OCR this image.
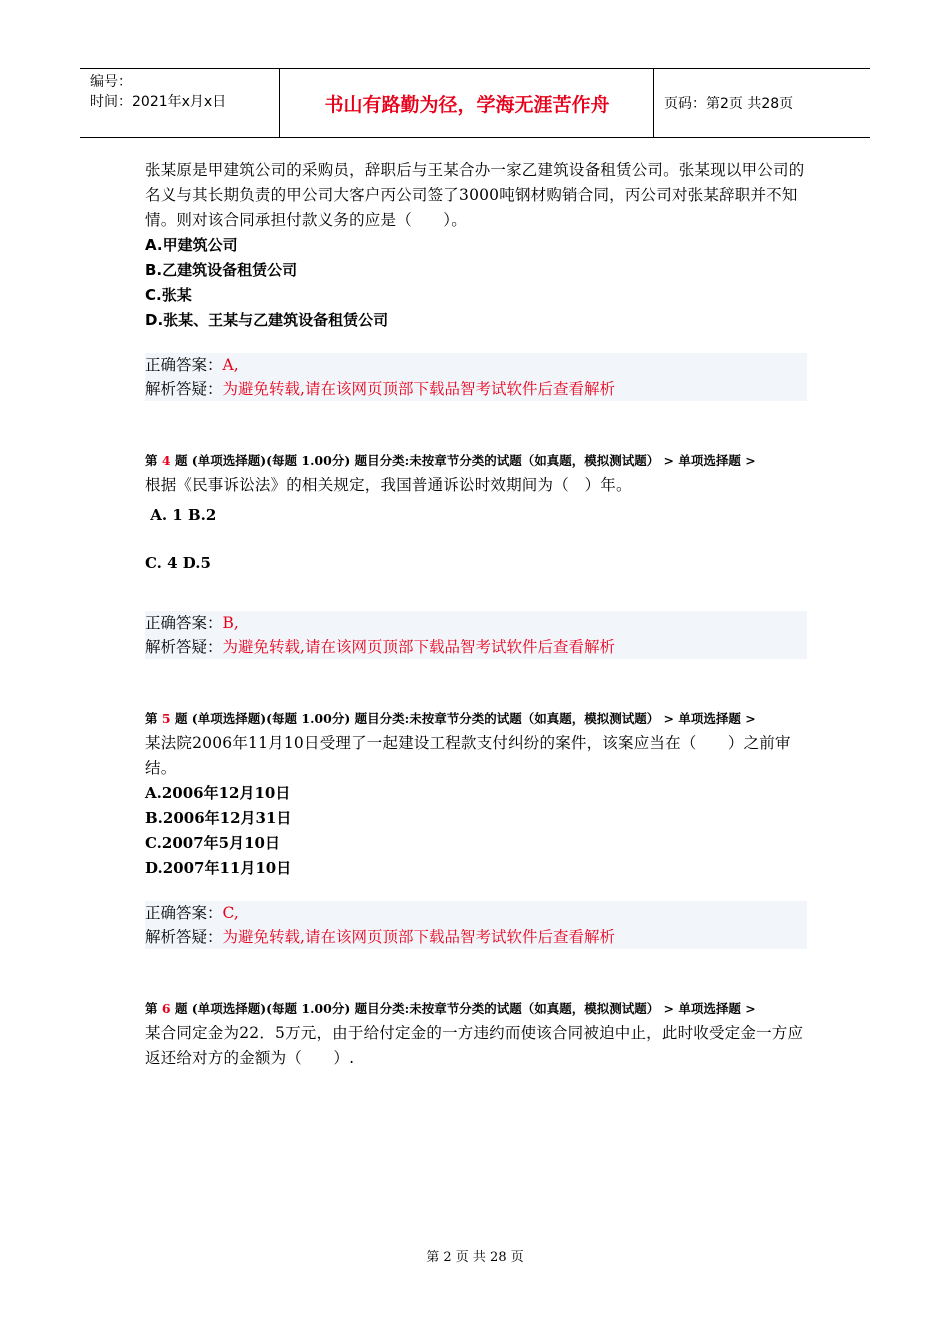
编号：
时间：2021年x月x日	书山有路勤为径，学海无涯苦作舟	页码：第2页 共28页
张某原是甲建筑公司的采购员，辞职后与王某合办一家乙建筑设备租赁公司。张某现以甲公司的名义与其长期负责的甲公司大客户丙公司签了3000吨钢材购销合同，丙公司对张某辞职并不知情。则对该合同承担付款义务的应是（　　）。
A.甲建筑公司
B.乙建筑设备租赁公司
C.张某
D.张某、王某与乙建筑设备租赁公司
正确答案：A,
解析答疑：为避免转载,请在该网页顶部下载品智考试软件后查看解析
第 4 题 (单项选择题)(每题 1.00分) 题目分类:未按章节分类的试题（如真题，模拟测试题） > 单项选择题 >
根据《民事诉讼法》的相关规定，我国普通诉讼时效期间为（　）年。
A. 1 B.2
C. 4 D.5
正确答案：B,
解析答疑：为避免转载,请在该网页顶部下载品智考试软件后查看解析
第 5 题 (单项选择题)(每题 1.00分) 题目分类:未按章节分类的试题（如真题，模拟测试题） > 单项选择题 >
某法院2006年11月10日受理了一起建设工程款支付纠纷的案件，该案应当在（　　）之前审结。
A.2006年12月10日
B.2006年12月31日
C.2007年5月10日
D.2007年11月10日
正确答案：C,
解析答疑：为避免转载,请在该网页顶部下载品智考试软件后查看解析
第 6 题 (单项选择题)(每题 1.00分) 题目分类:未按章节分类的试题（如真题，模拟测试题） > 单项选择题 >
某合同定金为22．5万元，由于给付定金的一方违约而使该合同被迫中止，此时收受定金一方应返还给对方的金额为（　　）.
第 2 页 共 28 页
